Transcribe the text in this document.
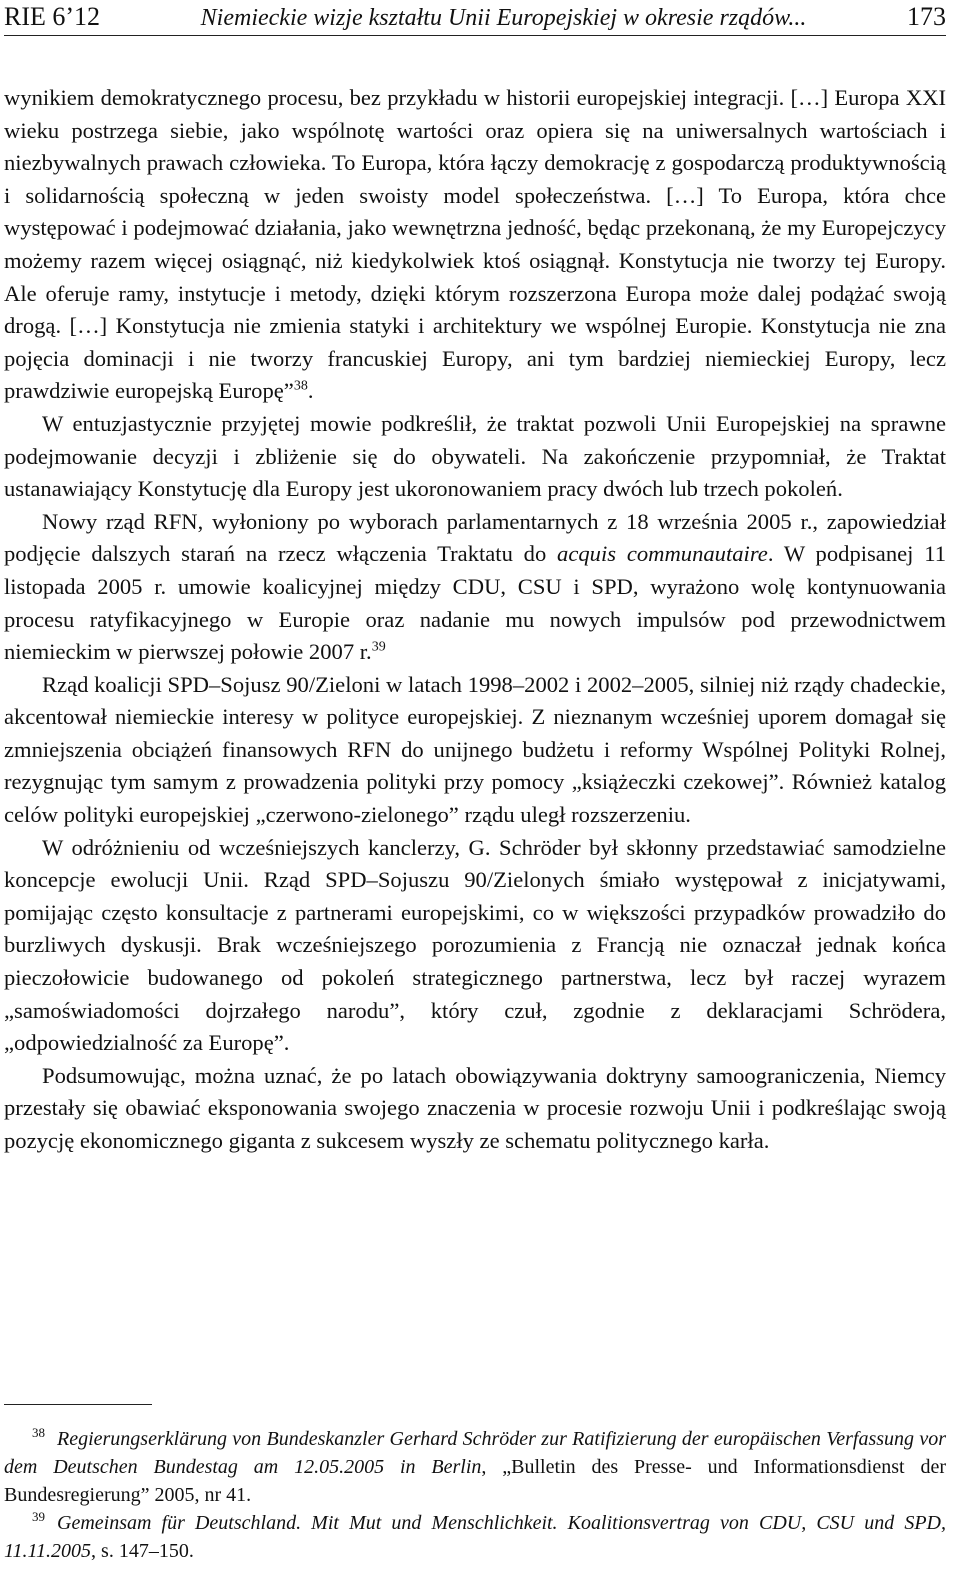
RIE 6’12	Niemieckie wizje kształtu Unii Europejskiej w okresie rządów...	173

wynikiem demokratycznego procesu, bez przykładu w historii europejskiej integracji. […] Europa XXI wieku postrzega siebie, jako wspólnotę wartości oraz opiera się na uniwersalnych wartościach i niezbywalnych prawach człowieka. To Europa, która łączy demokrację z gospodarczą produktywnością i solidarnością społeczną w jeden swoisty model społeczeństwa. […] To Europa, która chce występować i podejmować działania, jako wewnętrzna jedność, będąc przekonaną, że my Europejczycy możemy razem więcej osiągnąć, niż kiedykolwiek ktoś osiągnął. Konstytucja nie tworzy tej Europy. Ale oferuje ramy, instytucje i metody, dzięki którym rozszerzona Europa może dalej podążać swoją drogą. […] Konstytucja nie zmienia statyki i architektury we wspólnej Europie. Konstytucja nie zna pojęcia dominacji i nie tworzy francuskiej Europy, ani tym bardziej niemieckiej Europy, lecz prawdziwie europejską Europę”$^{38}$.

W entuzjastycznie przyjętej mowie podkreślił, że traktat pozwoli Unii Europejskiej na sprawne podejmowanie decyzji i zbliżenie się do obywateli. Na zakończenie przypomniał, że Traktat ustanawiający Konstytucję dla Europy jest ukoronowaniem pracy dwóch lub trzech pokoleń.

Nowy rząd RFN, wyłoniony po wyborach parlamentarnych z 18 września 2005 r., zapowiedział podjęcie dalszych starań na rzecz włączenia Traktatu do acquis communautaire. W podpisanej 11 listopada 2005 r. umowie koalicyjnej między CDU, CSU i SPD, wyrażono wolę kontynuowania procesu ratyfikacyjnego w Europie oraz nadanie mu nowych impulsów pod przewodnictwem niemieckim w pierwszej połowie 2007 r.$^{39}$

Rząd koalicji SPD–Sojusz 90/Zieloni w latach 1998–2002 i 2002–2005, silniej niż rządy chadeckie, akcentował niemieckie interesy w polityce europejskiej. Z nieznanym wcześniej uporem domagał się zmniejszenia obciążeń finansowych RFN do unijnego budżetu i reformy Wspólnej Polityki Rolnej, rezygnując tym samym z prowadzenia polityki przy pomocy „książeczki czekowej”. Również katalog celów polityki europejskiej „czerwono-zielonego” rządu uległ rozszerzeniu.

W odróżnieniu od wcześniejszych kanclerzy, G. Schröder był skłonny przedstawiać samodzielne koncepcje ewolucji Unii. Rząd SPD–Sojuszu 90/Zielonych śmiało występował z inicjatywami, pomijając często konsultacje z partnerami europejskimi, co w większości przypadków prowadziło do burzliwych dyskusji. Brak wcześniejszego porozumienia z Francją nie oznaczał jednak końca pieczołowicie budowanego od pokoleń strategicznego partnerstwa, lecz był raczej wyrazem „samoświadomości dojrzałego narodu”, który czuł, zgodnie z deklaracjami Schrödera, „odpowiedzialność za Europę”.

Podsumowując, można uznać, że po latach obowiązywania doktryny samoograniczenia, Niemcy przestały się obawiać eksponowania swojego znaczenia w procesie rozwoju Unii i podkreślając swoją pozycję ekonomicznego giganta z sukcesem wyszły ze schematu politycznego karła.

$^{38}$ Regierungserklärung von Bundeskanzler Gerhard Schröder zur Ratifizierung der europäischen Verfassung vor dem Deutschen Bundestag am 12.05.2005 in Berlin, „Bulletin des Presse- und Informationsdienst der Bundesregierung” 2005, nr 41.

$^{39}$ Gemeinsam für Deutschland. Mit Mut und Menschlichkeit. Koalitionsvertrag von CDU, CSU und SPD, 11.11.2005, s. 147–150.
